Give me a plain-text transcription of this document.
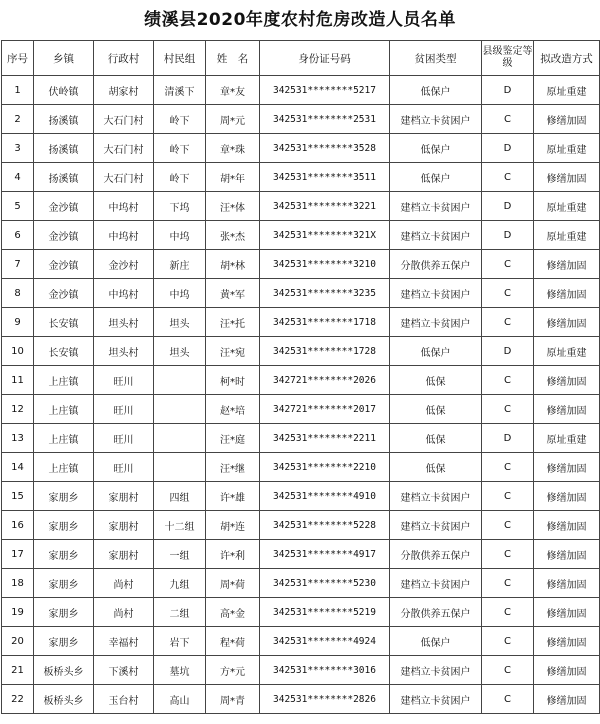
绩溪县2020年度农村危房改造人员名单
序号	乡镇	行政村	村民组	姓　名	身份证号码	贫困类型	县级鉴定等级	拟改造方式
1	伏岭镇	胡家村	清溪下	章*友	342531********5217	低保户	D	原址重建
2	扬溪镇	大石门村	岭下	周*元	342531********2531	建档立卡贫困户	C	修缮加固
3	扬溪镇	大石门村	岭下	章*珠	342531********3528	低保户	D	原址重建
4	扬溪镇	大石门村	岭下	胡*年	342531********3511	低保户	C	修缮加固
5	金沙镇	中坞村	下坞	汪*体	342531********3221	建档立卡贫困户	D	原址重建
6	金沙镇	中坞村	中坞	张*杰	342531********321X	建档立卡贫困户	D	原址重建
7	金沙镇	金沙村	新庄	胡*林	342531********3210	分散供养五保户	C	修缮加固
8	金沙镇	中坞村	中坞	黄*军	342531********3235	建档立卡贫困户	C	修缮加固
9	长安镇	坦头村	坦头	汪*托	342531********1718	建档立卡贫困户	C	修缮加固
10	长安镇	坦头村	坦头	汪*宛	342531********1728	低保户	D	原址重建
11	上庄镇	旺川		柯*时	342721********2026	低保	C	修缮加固
12	上庄镇	旺川		赵*培	342721********2017	低保	C	修缮加固
13	上庄镇	旺川		汪*庭	342531********2211	低保	D	原址重建
14	上庄镇	旺川		汪*继	342531********2210	低保	C	修缮加固
15	家朋乡	家朋村	四组	许*雄	342531********4910	建档立卡贫困户	C	修缮加固
16	家朋乡	家朋村	十二组	胡*连	342531********5228	建档立卡贫困户	C	修缮加固
17	家朋乡	家朋村	一组	许*利	342531********4917	分散供养五保户	C	修缮加固
18	家朋乡	尚村	九组	周*荷	342531********5230	建档立卡贫困户	C	修缮加固
19	家朋乡	尚村	二组	高*金	342531********5219	分散供养五保户	C	修缮加固
20	家朋乡	幸福村	岩下	程*荷	342531********4924	低保户	C	修缮加固
21	板桥头乡	下溪村	墓坑	方*元	342531********3016	建档立卡贫困户	C	修缮加固
22	板桥头乡	玉台村	高山	周*青	342531********2826	建档立卡贫困户	C	修缮加固
